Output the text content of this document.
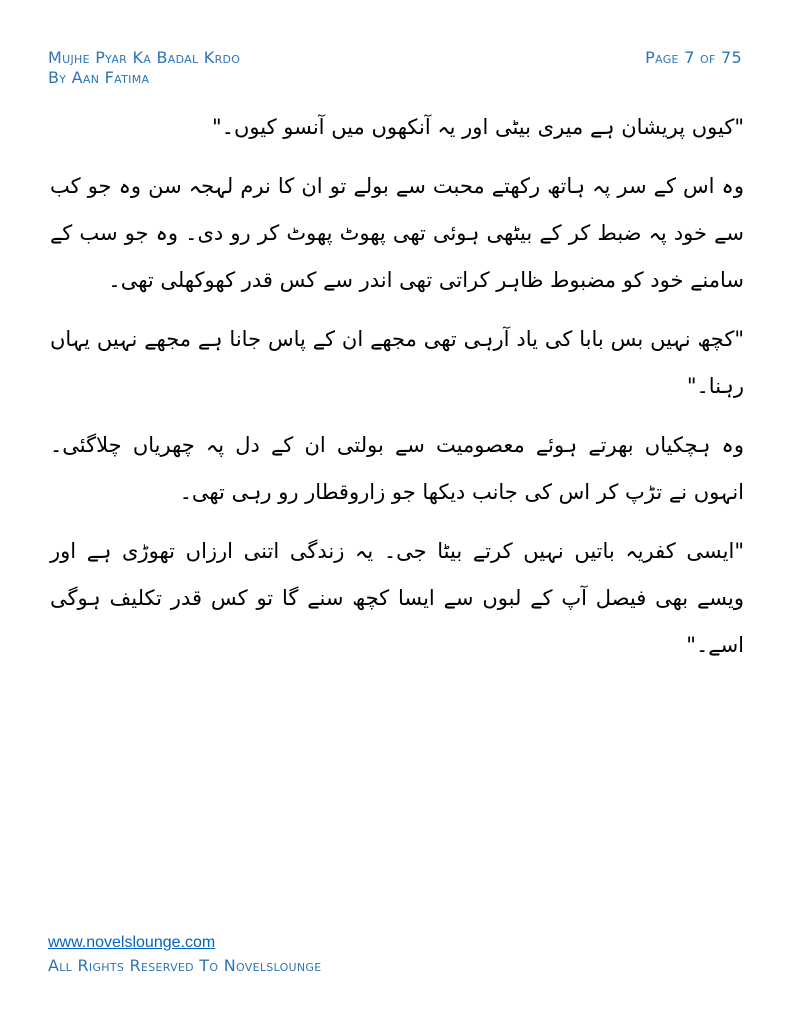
Mujhe Pyar Ka Badal Krdo
By Aan Fatima
Page 7 of 75

"کیوں پریشان ہے میری بیٹی اور یہ آنکھوں میں آنسو کیوں۔"

وہ اس کے سر پہ ہاتھ رکھتے محبت سے بولے تو ان کا نرم لہجہ سن وہ جو کب سے خود پہ ضبط کر کے بیٹھی ہوئی تھی پھوٹ پھوٹ کر رو دی۔ وہ جو سب کے سامنے خود کو مضبوط ظاہر کراتی تھی اندر سے کس قدر کھوکھلی تھی۔

"کچھ نہیں بس بابا کی یاد آرہی تھی مجھے ان کے پاس جانا ہے مجھے نہیں یہاں رہنا۔"

وہ ہچکیاں بھرتے ہوئے معصومیت سے بولتی ان کے دل پہ چھریاں چلاگئی۔ انہوں نے تڑپ کر اس کی جانب دیکھا جو زاروقطار رو رہی تھی۔

"ایسی کفریہ باتیں نہیں کرتے بیٹا جی۔ یہ زندگی اتنی ارزاں تھوڑی ہے اور ویسے بھی فیصل آپ کے لبوں سے ایسا کچھ سنے گا تو کس قدر تکلیف ہوگی اسے۔"

www.novelslounge.com
All Rights Reserved To Novelslounge
